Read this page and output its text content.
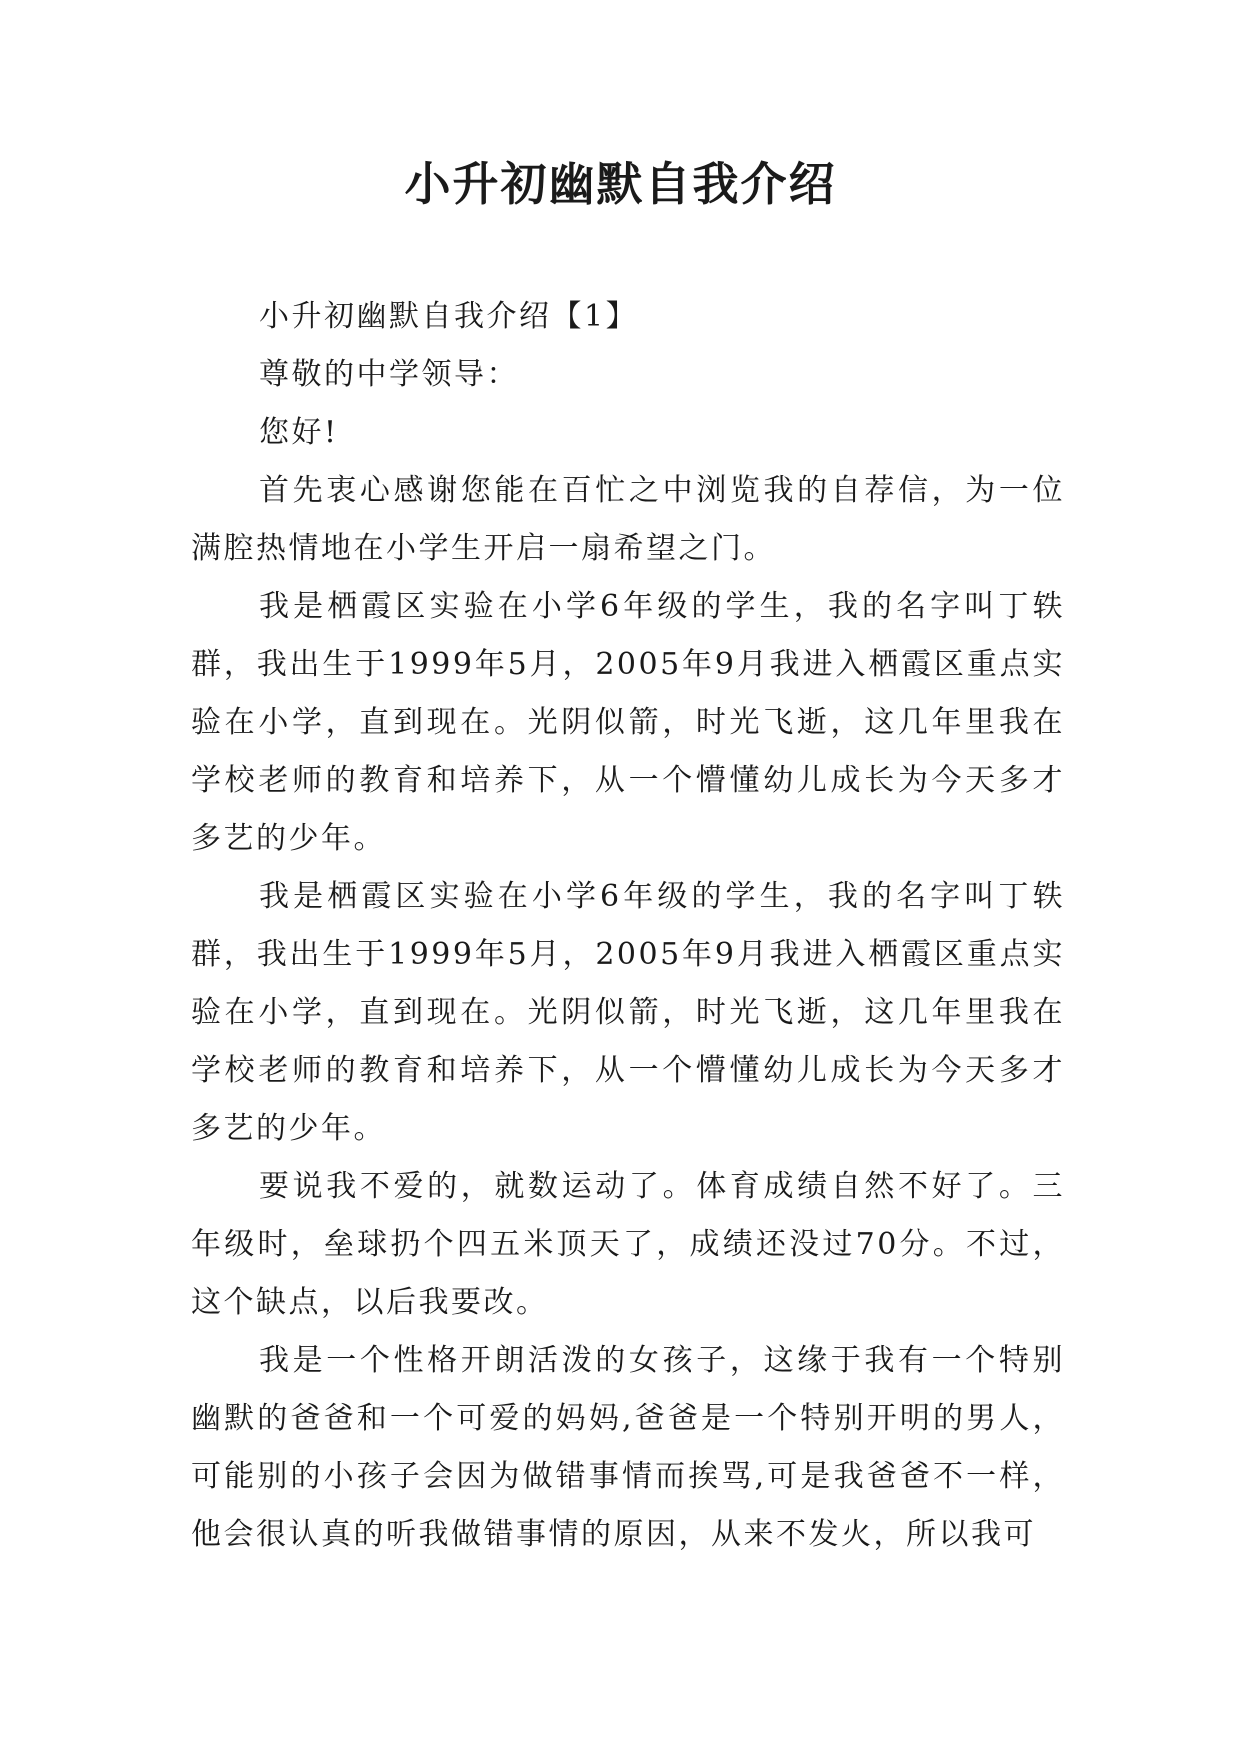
小升初幽默自我介绍

小升初幽默自我介绍【1】

尊敬的中学领导：

您好!

首先衷心感谢您能在百忙之中浏览我的自荐信，为一位满腔热情地在小学生开启一扇希望之门。

我是栖霞区实验在小学6年级的学生，我的名字叫丁轶群，我出生于1999年5月，2005年9月我进入栖霞区重点实验在小学，直到现在。光阴似箭，时光飞逝，这几年里我在学校老师的教育和培养下，从一个懵懂幼儿成长为今天多才多艺的少年。

我是栖霞区实验在小学6年级的学生，我的名字叫丁轶群，我出生于1999年5月，2005年9月我进入栖霞区重点实验在小学，直到现在。光阴似箭，时光飞逝，这几年里我在学校老师的教育和培养下，从一个懵懂幼儿成长为今天多才多艺的少年。

要说我不爱的，就数运动了。体育成绩自然不好了。三年级时，垒球扔个四五米顶天了，成绩还没过70分。不过，这个缺点，以后我要改。

我是一个性格开朗活泼的女孩子，这缘于我有一个特别幽默的爸爸和一个可爱的妈妈,爸爸是一个特别开明的男人，可能别的小孩子会因为做错事情而挨骂,可是我爸爸不一样，他会很认真的听我做错事情的原因，从来不发火，所以我可
